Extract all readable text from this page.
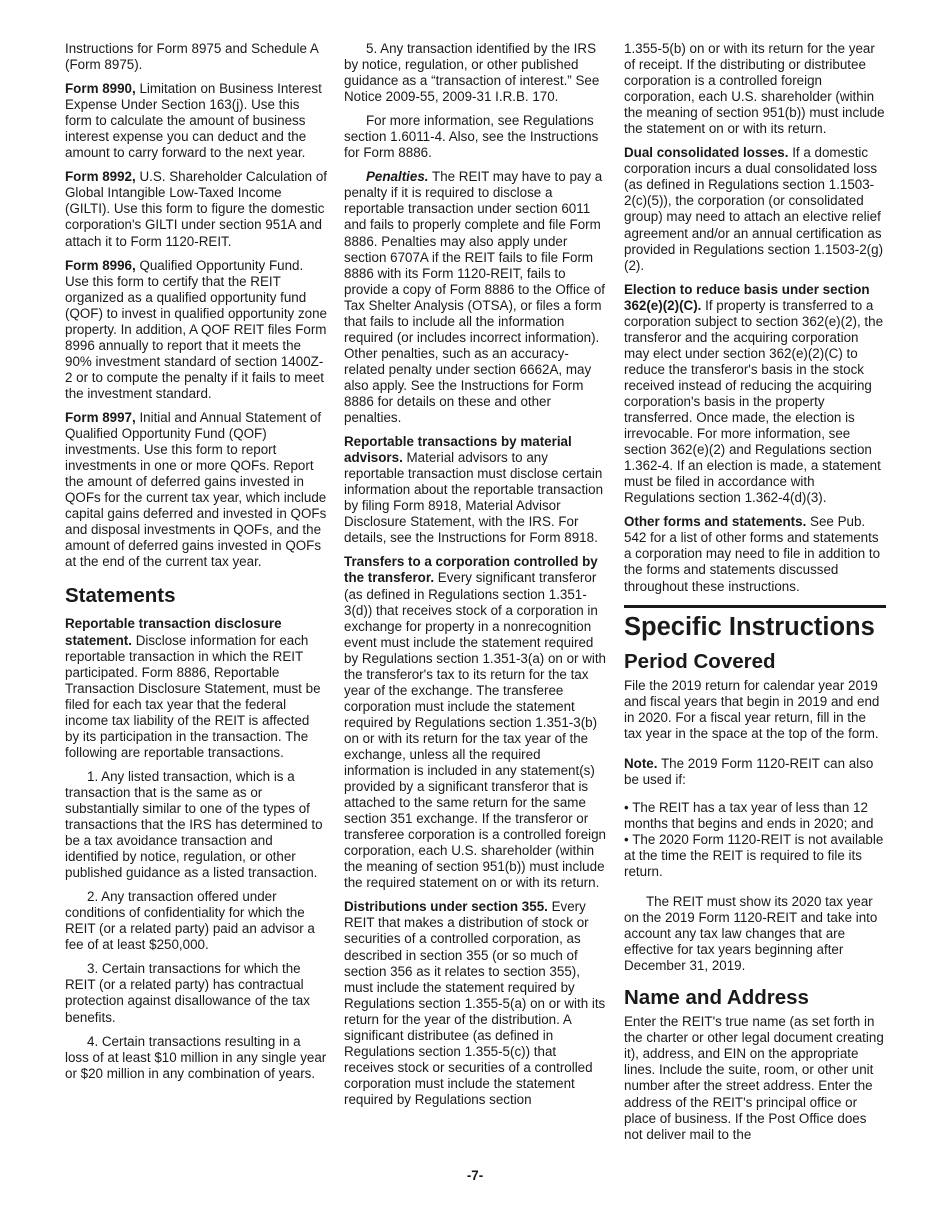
Instructions for Form 8975 and Schedule A (Form 8975).

Form 8990, Limitation on Business Interest Expense Under Section 163(j). Use this form to calculate the amount of business interest expense you can deduct and the amount to carry forward to the next year.

Form 8992, U.S. Shareholder Calculation of Global Intangible Low-Taxed Income (GILTI). Use this form to figure the domestic corporation's GILTI under section 951A and attach it to Form 1120-REIT.

Form 8996, Qualified Opportunity Fund. Use this form to certify that the REIT organized as a qualified opportunity fund (QOF) to invest in qualified opportunity zone property. In addition, A QOF REIT files Form 8996 annually to report that it meets the 90% investment standard of section 1400Z-2 or to compute the penalty if it fails to meet the investment standard.

Form 8997, Initial and Annual Statement of Qualified Opportunity Fund (QOF) investments. Use this form to report investments in one or more QOFs. Report the amount of deferred gains invested in QOFs for the current tax year, which include capital gains deferred and invested in QOFs and disposal investments in QOFs, and the amount of deferred gains invested in QOFs at the end of the current tax year.

Statements

Reportable transaction disclosure statement. Disclose information for each reportable transaction in which the REIT participated. Form 8886, Reportable Transaction Disclosure Statement, must be filed for each tax year that the federal income tax liability of the REIT is affected by its participation in the transaction. The following are reportable transactions.

1. Any listed transaction, which is a transaction that is the same as or substantially similar to one of the types of transactions that the IRS has determined to be a tax avoidance transaction and identified by notice, regulation, or other published guidance as a listed transaction.

2. Any transaction offered under conditions of confidentiality for which the REIT (or a related party) paid an advisor a fee of at least $250,000.

3. Certain transactions for which the REIT (or a related party) has contractual protection against disallowance of the tax benefits.

4. Certain transactions resulting in a loss of at least $10 million in any single year or $20 million in any combination of years.

5. Any transaction identified by the IRS by notice, regulation, or other published guidance as a “transaction of interest.” See Notice 2009-55, 2009-31 I.R.B. 170.

For more information, see Regulations section 1.6011-4. Also, see the Instructions for Form 8886.

Penalties. The REIT may have to pay a penalty if it is required to disclose a reportable transaction under section 6011 and fails to properly complete and file Form 8886. Penalties may also apply under section 6707A if the REIT fails to file Form 8886 with its Form 1120-REIT, fails to provide a copy of Form 8886 to the Office of Tax Shelter Analysis (OTSA), or files a form that fails to include all the information required (or includes incorrect information). Other penalties, such as an accuracy-related penalty under section 6662A, may also apply. See the Instructions for Form 8886 for details on these and other penalties.

Reportable transactions by material advisors. Material advisors to any reportable transaction must disclose certain information about the reportable transaction by filing Form 8918, Material Advisor Disclosure Statement, with the IRS. For details, see the Instructions for Form 8918.

Transfers to a corporation controlled by the transferor. Every significant transferor (as defined in Regulations section 1.351-3(d)) that receives stock of a corporation in exchange for property in a nonrecognition event must include the statement required by Regulations section 1.351-3(a) on or with the transferor's tax to its return for the tax year of the exchange. The transferee corporation must include the statement required by Regulations section 1.351-3(b) on or with its return for the tax year of the exchange, unless all the required information is included in any statement(s) provided by a significant transferor that is attached to the same return for the same section 351 exchange. If the transferor or transferee corporation is a controlled foreign corporation, each U.S. shareholder (within the meaning of section 951(b)) must include the required statement on or with its return.

Distributions under section 355. Every REIT that makes a distribution of stock or securities of a controlled corporation, as described in section 355 (or so much of section 356 as it relates to section 355), must include the statement required by Regulations section 1.355-5(a) on or with its return for the year of the distribution. A significant distributee (as defined in Regulations section 1.355-5(c)) that receives stock or securities of a controlled corporation must include the statement required by Regulations section

1.355-5(b) on or with its return for the year of receipt. If the distributing or distributee corporation is a controlled foreign corporation, each U.S. shareholder (within the meaning of section 951(b)) must include the statement on or with its return.

Dual consolidated losses. If a domestic corporation incurs a dual consolidated loss (as defined in Regulations section 1.1503-2(c)(5)), the corporation (or consolidated group) may need to attach an elective relief agreement and/or an annual certification as provided in Regulations section 1.1503-2(g)(2).

Election to reduce basis under section 362(e)(2)(C). If property is transferred to a corporation subject to section 362(e)(2), the transferor and the acquiring corporation may elect under section 362(e)(2)(C) to reduce the transferor's basis in the stock received instead of reducing the acquiring corporation's basis in the property transferred. Once made, the election is irrevocable. For more information, see section 362(e)(2) and Regulations section 1.362-4. If an election is made, a statement must be filed in accordance with Regulations section 1.362-4(d)(3).

Other forms and statements. See Pub. 542 for a list of other forms and statements a corporation may need to file in addition to the forms and statements discussed throughout these instructions.

Specific Instructions
Period Covered

File the 2019 return for calendar year 2019 and fiscal years that begin in 2019 and end in 2020. For a fiscal year return, fill in the tax year in the space at the top of the form.

Note. The 2019 Form 1120-REIT can also be used if:

• The REIT has a tax year of less than 12 months that begins and ends in 2020; and
• The 2020 Form 1120-REIT is not available at the time the REIT is required to file its return.

The REIT must show its 2020 tax year on the 2019 Form 1120-REIT and take into account any tax law changes that are effective for tax years beginning after December 31, 2019.

Name and Address

Enter the REIT's true name (as set forth in the charter or other legal document creating it), address, and EIN on the appropriate lines. Include the suite, room, or other unit number after the street address. Enter the address of the REIT's principal office or place of business. If the Post Office does not deliver mail to the

-7-
